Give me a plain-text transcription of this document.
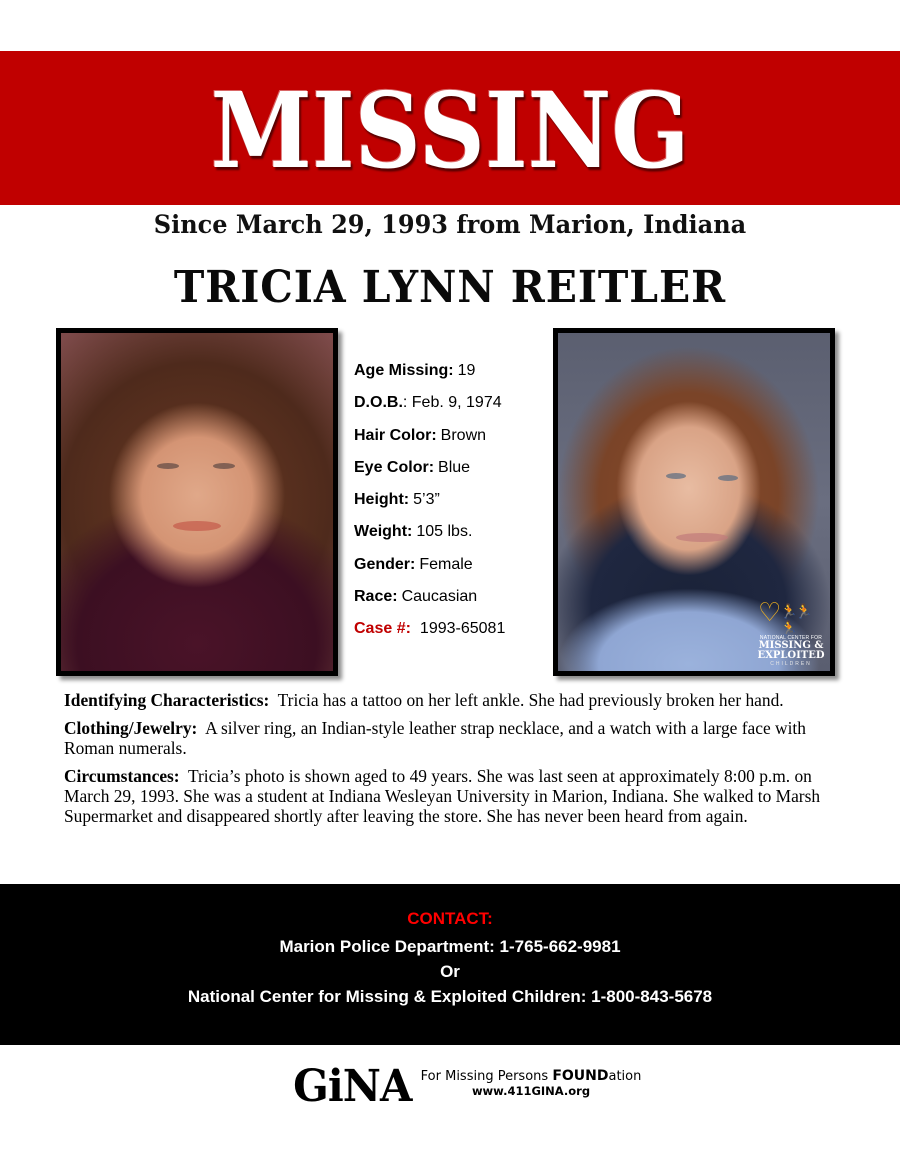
MISSING
Since March 29, 1993 from Marion, Indiana
TRICIA LYNN REITLER
Age Missing: 19
D.O.B.: Feb. 9, 1974
Hair Color: Brown
Eye Color: Blue
Height: 5’3”
Weight: 105 lbs.
Gender: Female
Race: Caucasian
Case #: 1993-65081
♡
🏃🏃🏃
NATIONAL CENTER FOR
MISSING &
EXPLOITED
CHILDREN

Identifying Characteristics: Tricia has a tattoo on her left ankle. She had previously broken her hand.

Clothing/Jewelry: A silver ring, an Indian-style leather strap necklace, and a watch with a large face with Roman numerals.

Circumstances: Tricia’s photo is shown aged to 49 years. She was last seen at approximately 8:00 p.m. on March 29, 1993. She was a student at Indiana Wesleyan University in Marion, Indiana. She walked to Marsh Supermarket and disappeared shortly after leaving the store. She has never been heard from again.

CONTACT:
Marion Police Department: 1-765-662-9981
Or
National Center for Missing & Exploited Children: 1-800-843-5678
GiNA For Missing Persons FOUNDation
www.411GINA.org
